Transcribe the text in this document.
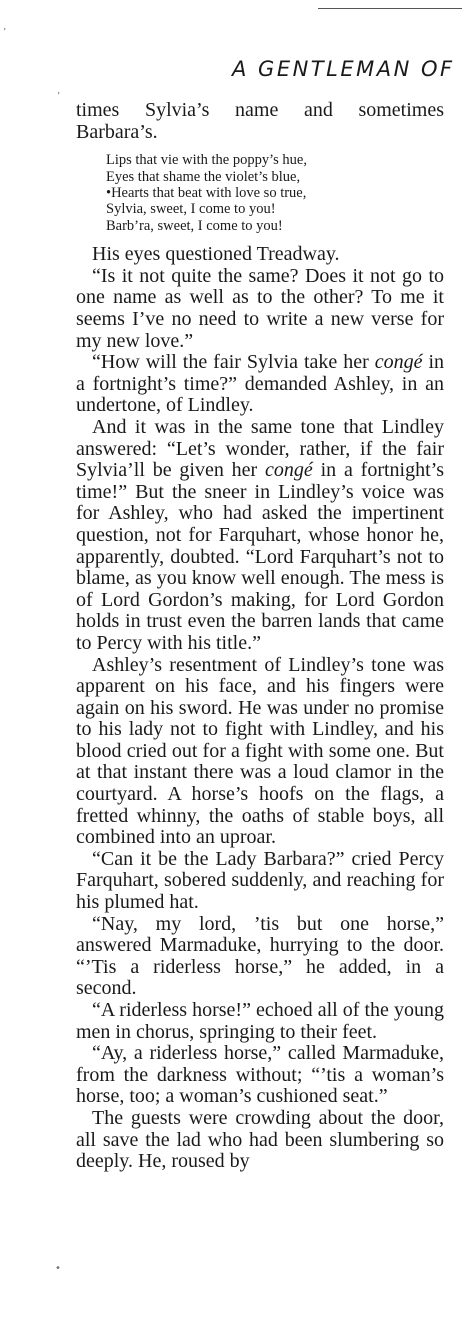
’
’
•
A GENTLEMAN OF

times Sylvia’s name and sometimes Barbara’s.

Lips that vie with the poppy’s hue,
Eyes that shame the violet’s blue,
•Hearts that beat with love so true,
Sylvia, sweet, I come to you!
Barb’ra, sweet, I come to you!

His eyes questioned Treadway.

“Is it not quite the same? Does it not go to one name as well as to the other? To me it seems I’ve no need to write a new verse for my new love.”

“How will the fair Sylvia take her congé in a fortnight’s time?” demanded Ashley, in an undertone, of Lindley.

And it was in the same tone that Lindley answered: “Let’s wonder, rather, if the fair Sylvia’ll be given her congé in a fortnight’s time!” But the sneer in Lindley’s voice was for Ashley, who had asked the impertinent question, not for Farquhart, whose honor he, apparently, doubted. “Lord Farquhart’s not to blame, as you know well enough. The mess is of Lord Gordon’s making, for Lord Gordon holds in trust even the barren lands that came to Percy with his title.”

Ashley’s resentment of Lindley’s tone was apparent on his face, and his fingers were again on his sword. He was under no promise to his lady not to fight with Lindley, and his blood cried out for a fight with some one. But at that instant there was a loud clamor in the courtyard. A horse’s hoofs on the flags, a fretted whinny, the oaths of stable boys, all combined into an uproar.

“Can it be the Lady Barbara?” cried Percy Farquhart, sobered suddenly, and reaching for his plumed hat.

“Nay, my lord, ’tis but one horse,” answered Marmaduke, hurrying to the door. “’Tis a riderless horse,” he added, in a second.

“A riderless horse!” echoed all of the young men in chorus, springing to their feet.

“Ay, a riderless horse,” called Marmaduke, from the darkness without; “’tis a woman’s horse, too; a woman’s cushioned seat.”

The guests were crowding about the door, all save the lad who had been slumbering so deeply. He, roused by
